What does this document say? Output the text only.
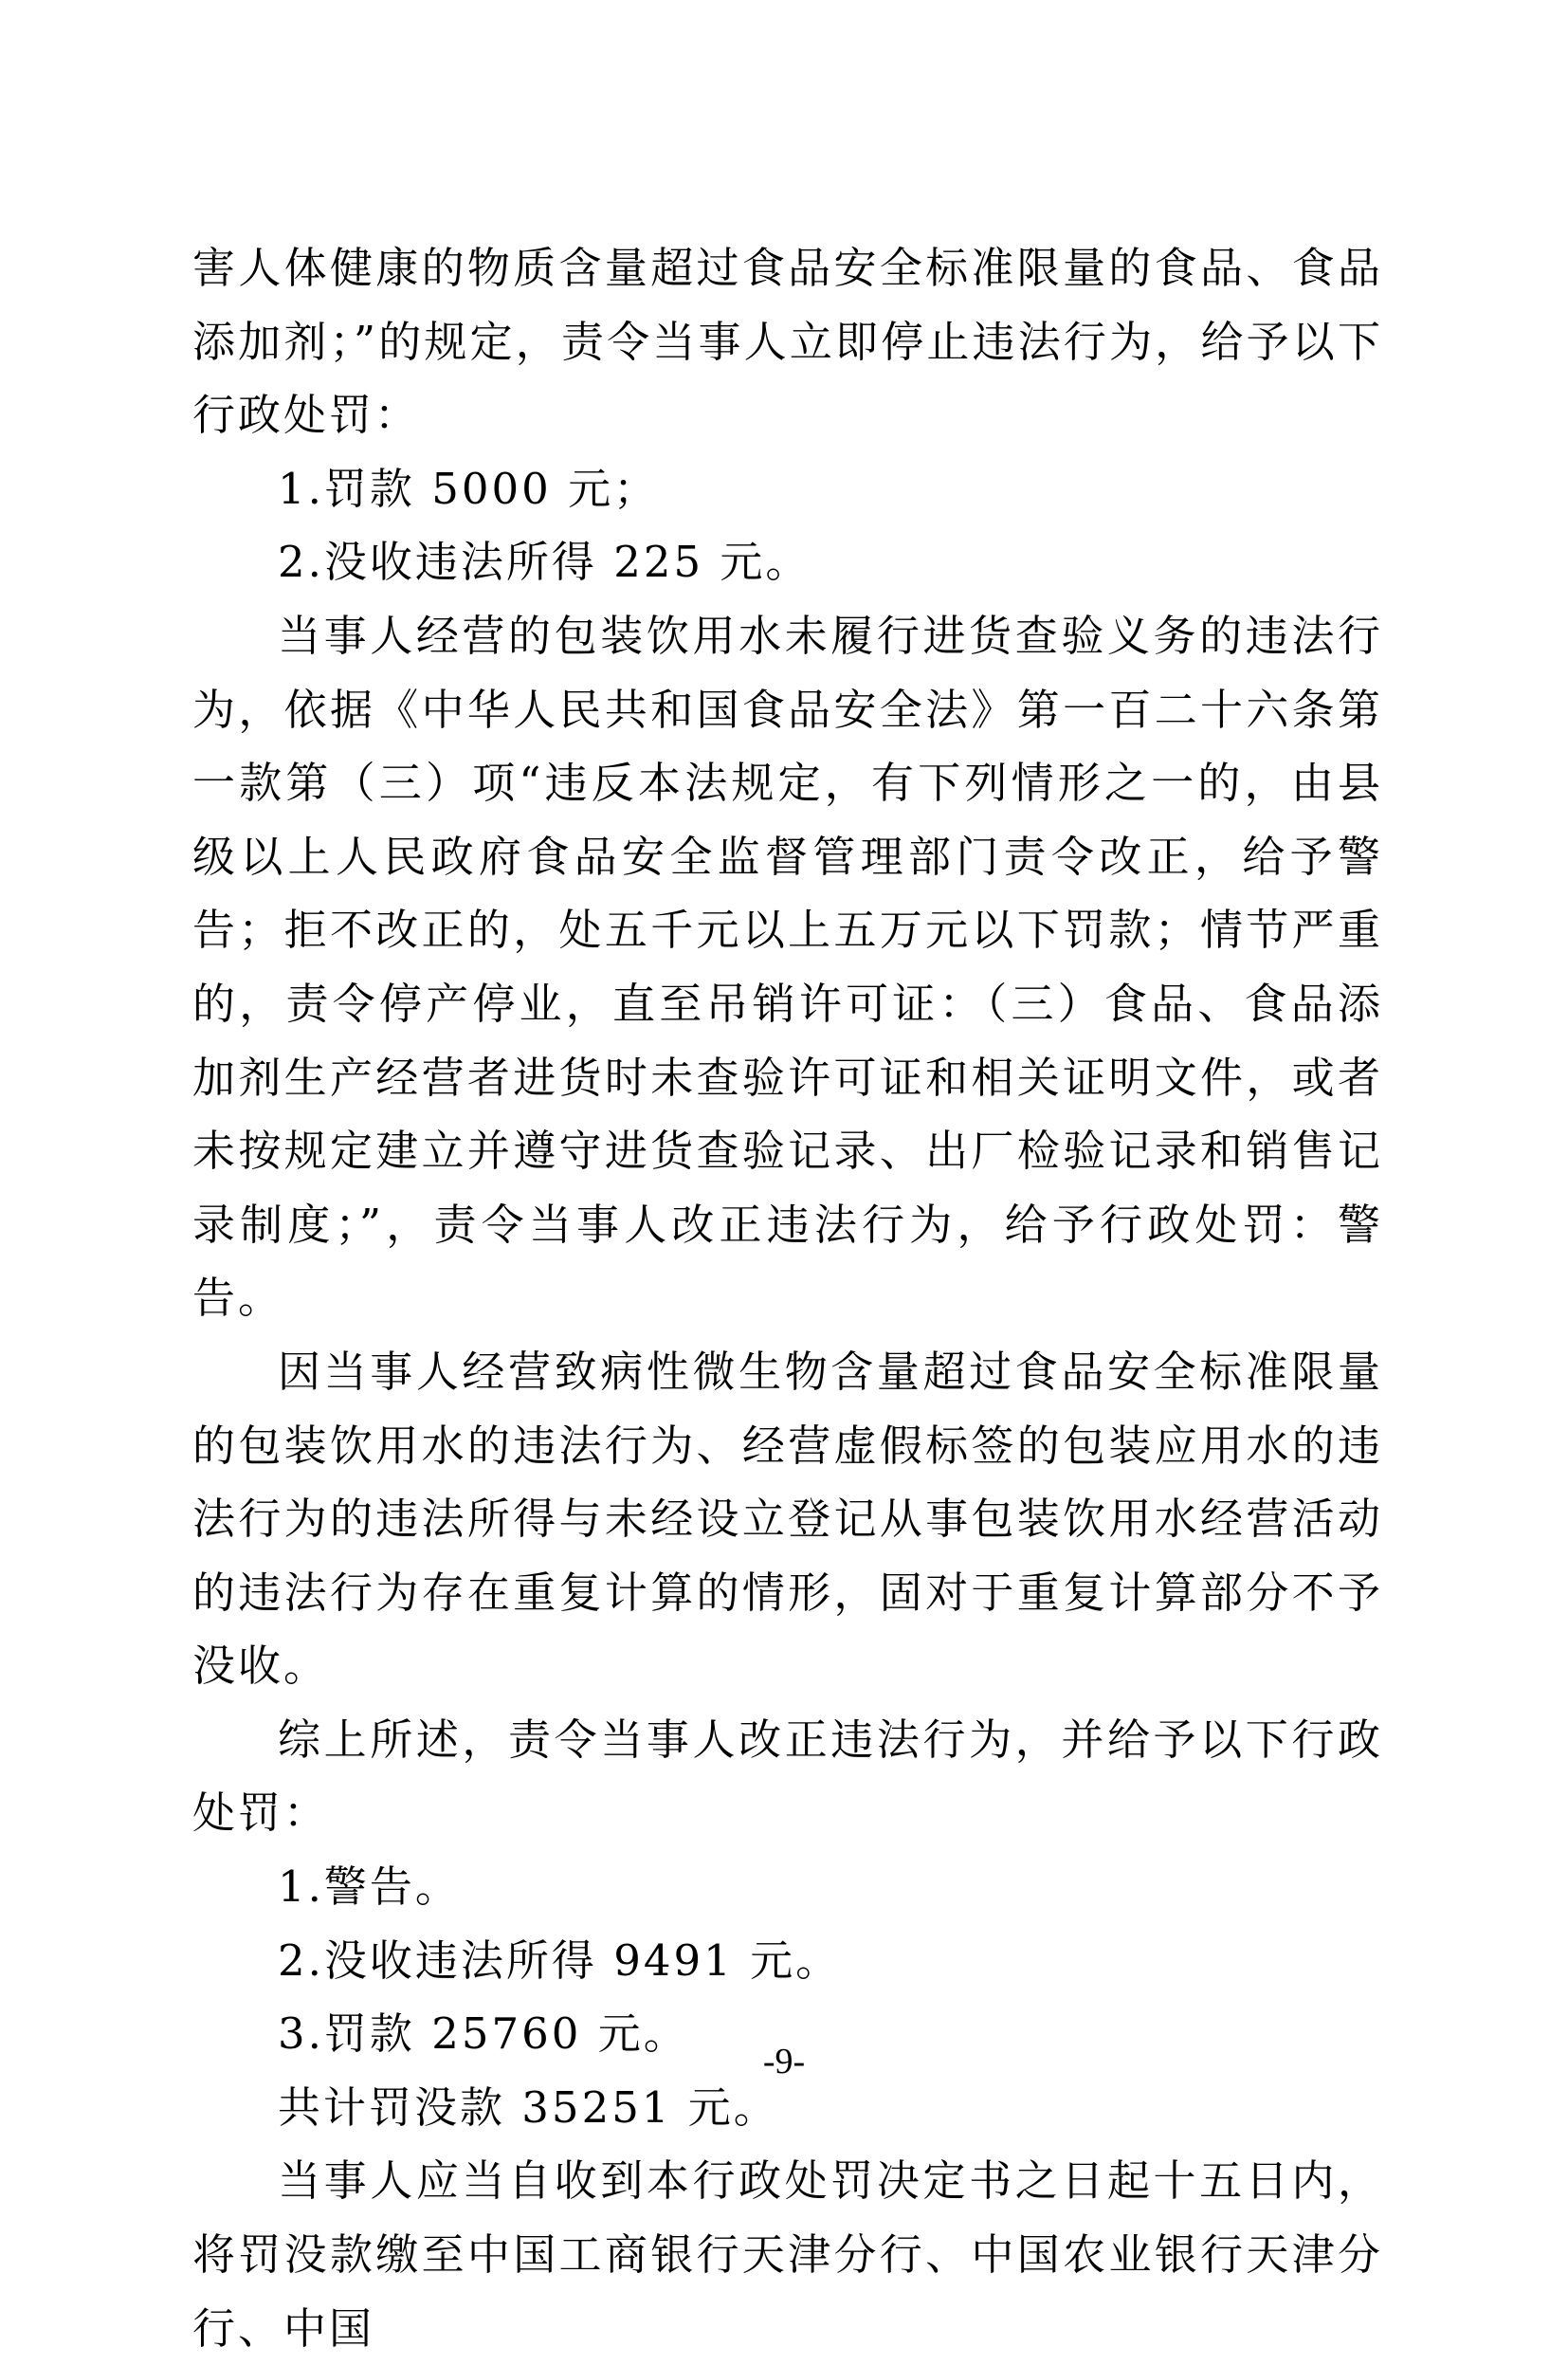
害人体健康的物质含量超过食品安全标准限量的食品、食品添加剂；”的规定，责令当事人立即停止违法行为，给予以下行政处罚：

1.罚款 5000 元；

2.没收违法所得 225 元。

当事人经营的包装饮用水未履行进货查验义务的违法行为，依据《中华人民共和国食品安全法》第一百二十六条第一款第（三）项“违反本法规定，有下列情形之一的，由县级以上人民政府食品安全监督管理部门责令改正，给予警告；拒不改正的，处五千元以上五万元以下罚款；情节严重的，责令停产停业，直至吊销许可证：（三）食品、食品添加剂生产经营者进货时未查验许可证和相关证明文件，或者未按规定建立并遵守进货查验记录、出厂检验记录和销售记录制度；”，责令当事人改正违法行为，给予行政处罚：警告。

因当事人经营致病性微生物含量超过食品安全标准限量的包装饮用水的违法行为、经营虚假标签的包装应用水的违法行为的违法所得与未经设立登记从事包装饮用水经营活动的违法行为存在重复计算的情形，固对于重复计算部分不予没收。

综上所述，责令当事人改正违法行为，并给予以下行政处罚：

1.警告。

2.没收违法所得 9491 元。

3.罚款 25760 元。

共计罚没款 35251 元。

当事人应当自收到本行政处罚决定书之日起十五日内，将罚没款缴至中国工商银行天津分行、中国农业银行天津分行、中国

-9-
